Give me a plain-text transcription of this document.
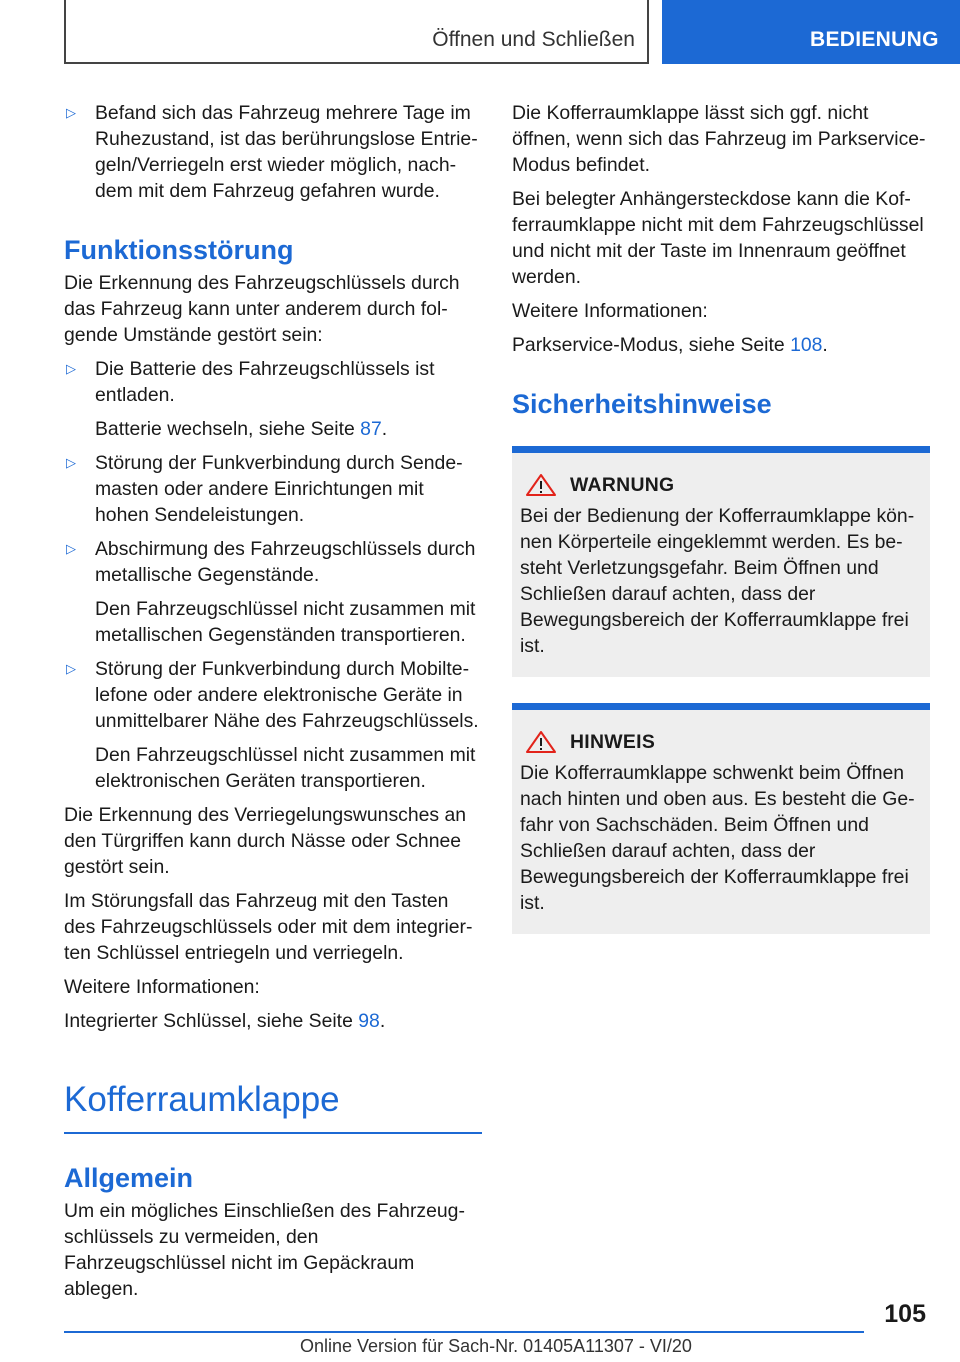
Öffnen und Schließen	BEDIENUNG
▷ Befand sich das Fahrzeug mehrere Tage im Ruhezustand, ist das berührungslose Entriegeln/Verriegeln erst wieder möglich, nachdem mit dem Fahrzeug gefahren wurde.

Funktionsstörung

Die Erkennung des Fahrzeugschlüssels durch das Fahrzeug kann unter anderem durch folgende Umstände gestört sein:

▷ Die Batterie des Fahrzeugschlüssels ist entladen.

Batterie wechseln, siehe Seite 87.

▷ Störung der Funkverbindung durch Sendemasten oder andere Einrichtungen mit hohen Sendeleistungen.

▷ Abschirmung des Fahrzeugschlüssels durch metallische Gegenstände.

Den Fahrzeugschlüssel nicht zusammen mit metallischen Gegenständen transportieren.

▷ Störung der Funkverbindung durch Mobiltelefone oder andere elektronische Geräte in unmittelbarer Nähe des Fahrzeugschlüssels.

Den Fahrzeugschlüssel nicht zusammen mit elektronischen Geräten transportieren.

Die Erkennung des Verriegelungswunsches an den Türgriffen kann durch Nässe oder Schnee gestört sein.

Im Störungsfall das Fahrzeug mit den Tasten des Fahrzeugschlüssels oder mit dem integrierten Schlüssel entriegeln und verriegeln.

Weitere Informationen:

Integrierter Schlüssel, siehe Seite 98.

Kofferraumklappe
Allgemein

Um ein mögliches Einschließen des Fahrzeugschlüssels zu vermeiden, den Fahrzeugschlüssel nicht im Gepäckraum ablegen.

Die Kofferraumklappe lässt sich ggf. nicht öffnen, wenn sich das Fahrzeug im Parkservice-Modus befindet.

Bei belegter Anhängersteckdose kann die Kofferraumklappe nicht mit dem Fahrzeugschlüssel und nicht mit der Taste im Innenraum geöffnet werden.

Weitere Informationen:

Parkservice-Modus, siehe Seite 108.

Sicherheitshinweise
WARNUNG

Bei der Bedienung der Kofferraumklappe können Körperteile eingeklemmt werden. Es besteht Verletzungsgefahr. Beim Öffnen und Schließen darauf achten, dass der Bewegungsbereich der Kofferraumklappe frei ist.

HINWEIS

Die Kofferraumklappe schwenkt beim Öffnen nach hinten und oben aus. Es besteht die Gefahr von Sachschäden. Beim Öffnen und Schließen darauf achten, dass der Bewegungsbereich der Kofferraumklappe frei ist.

105
Online Version für Sach-Nr. 01405A11307 - VI/20
